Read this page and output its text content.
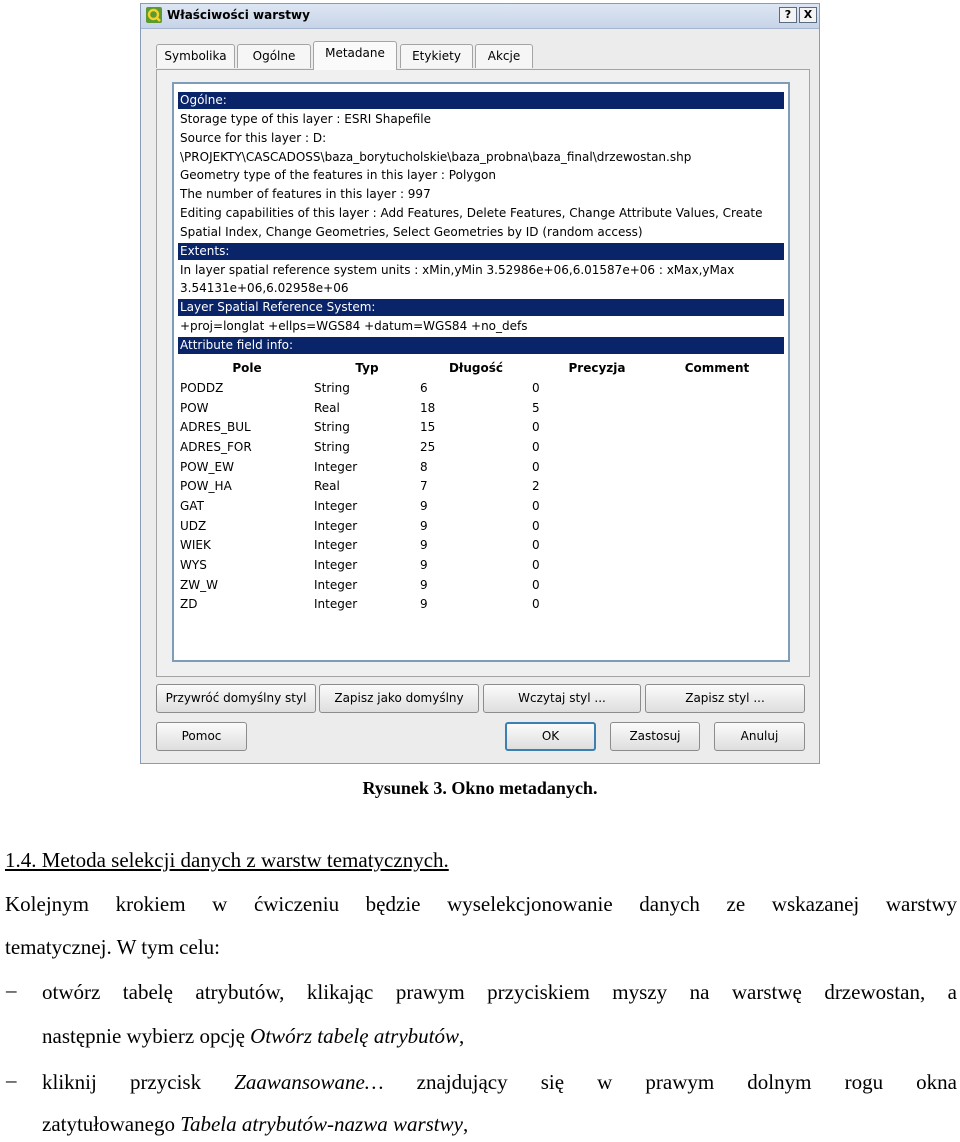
Właściwości warstwy	?	X
Symbolika	Ogólne	Metadane	Etykiety	Akcje
Ogólne:
Storage type of this layer : ESRI Shapefile
Source for this layer : D:
\PROJEKTY\CASCADOSS\baza_borytucholskie\baza_probna\baza_final\drzewostan.shp
Geometry type of the features in this layer : Polygon
The number of features in this layer : 997
Editing capabilities of this layer : Add Features, Delete Features, Change Attribute Values, Create
Spatial Index, Change Geometries, Select Geometries by ID (random access)
Extents:
In layer spatial reference system units : xMin,yMin 3.52986e+06,6.01587e+06 : xMax,yMax
3.54131e+06,6.02958e+06
Layer Spatial Reference System:
+proj=longlat +ellps=WGS84 +datum=WGS84 +no_defs
Attribute field info:
Pole	Typ	Długość	Precyzja	Comment
PODDZ	String	6	0	
POW	Real	18	5	
ADRES_BUL	String	15	0	
ADRES_FOR	String	25	0	
POW_EW	Integer	8	0	
POW_HA	Real	7	2	
GAT	Integer	9	0	
UDZ	Integer	9	0	
WIEK	Integer	9	0	
WYS	Integer	9	0	
ZW_W	Integer	9	0	
ZD	Integer	9	0	
Przywróć domyślny styl	Zapisz jako domyślny	Wczytaj styl ...	Zapisz styl ...
Pomoc	OK	Zastosuj	Anuluj
Rysunek 3. Okno metadanych.
1.4. Metoda selekcji danych z warstw tematycznych.
Kolejnym krokiem w ćwiczeniu będzie wyselekcjonowanie danych ze wskazanej warstwy
tematycznej. W tym celu:
– otwórz tabelę atrybutów, klikając prawym przyciskiem myszy na warstwę drzewostan, a
następnie wybierz opcję Otwórz tabelę atrybutów,
– kliknij przycisk Zaawansowane… znajdujący się w prawym dolnym rogu okna
zatytułowanego Tabela atrybutów-nazwa warstwy,
